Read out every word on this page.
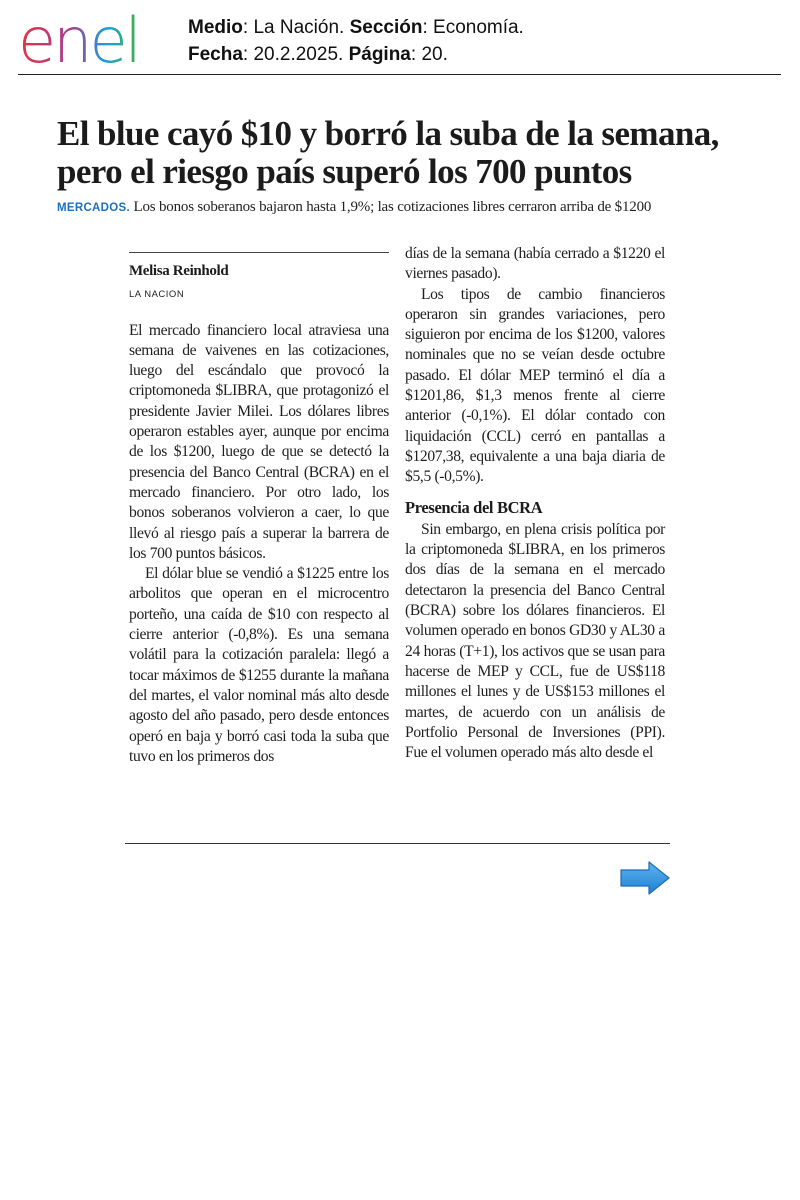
enel	Medio: La Nación. Sección: Economía.
Fecha: 20.2.2025. Página: 20.
El blue cayó $10 y borró la suba de la semana, pero el riesgo país superó los 700 puntos
MERCADOS. Los bonos soberanos bajaron hasta 1,9%; las cotizaciones libres cerraron arriba de $1200
Melisa Reinhold
LA NACION

El mercado financiero local atraviesa una semana de vaivenes en las cotizaciones, luego del escándalo que provocó la criptomoneda $LIBRA, que protagonizó el presidente Javier Milei. Los dólares libres operaron estables ayer, aunque por encima de los $1200, luego de que se detectó la presencia del Banco Central (BCRA) en el mercado financiero. Por otro lado, los bonos soberanos volvieron a caer, lo que llevó al riesgo país a superar la barrera de los 700 puntos básicos.

El dólar blue se vendió a $1225 entre los arbolitos que operan en el microcentro porteño, una caída de $10 con respecto al cierre anterior (-0,8%). Es una semana volátil para la cotización paralela: llegó a tocar máximos de $1255 durante la mañana del martes, el valor nominal más alto desde agosto del año pasado, pero desde entonces operó en baja y borró casi toda la suba que tuvo en los primeros dos

días de la semana (había cerrado a $1220 el viernes pasado).

Los tipos de cambio financieros operaron sin grandes variaciones, pero siguieron por encima de los $1200, valores nominales que no se veían desde octubre pasado. El dólar MEP terminó el día a $1201,86, $1,3 menos frente al cierre anterior (-0,1%). El dólar contado con liquidación (CCL) cerró en pantallas a $1207,38, equivalente a una baja diaria de $5,5 (-0,5%).

Presencia del BCRA

Sin embargo, en plena crisis política por la criptomoneda $LIBRA, en los primeros dos días de la semana en el mercado detectaron la presencia del Banco Central (BCRA) sobre los dólares financieros. El volumen operado en bonos GD30 y AL30 a 24 horas (T+1), los activos que se usan para hacerse de MEP y CCL, fue de US$118 millones el lunes y de US$153 millones el martes, de acuerdo con un análisis de Portfolio Personal de Inversiones (PPI). Fue el volumen operado más alto desde el
